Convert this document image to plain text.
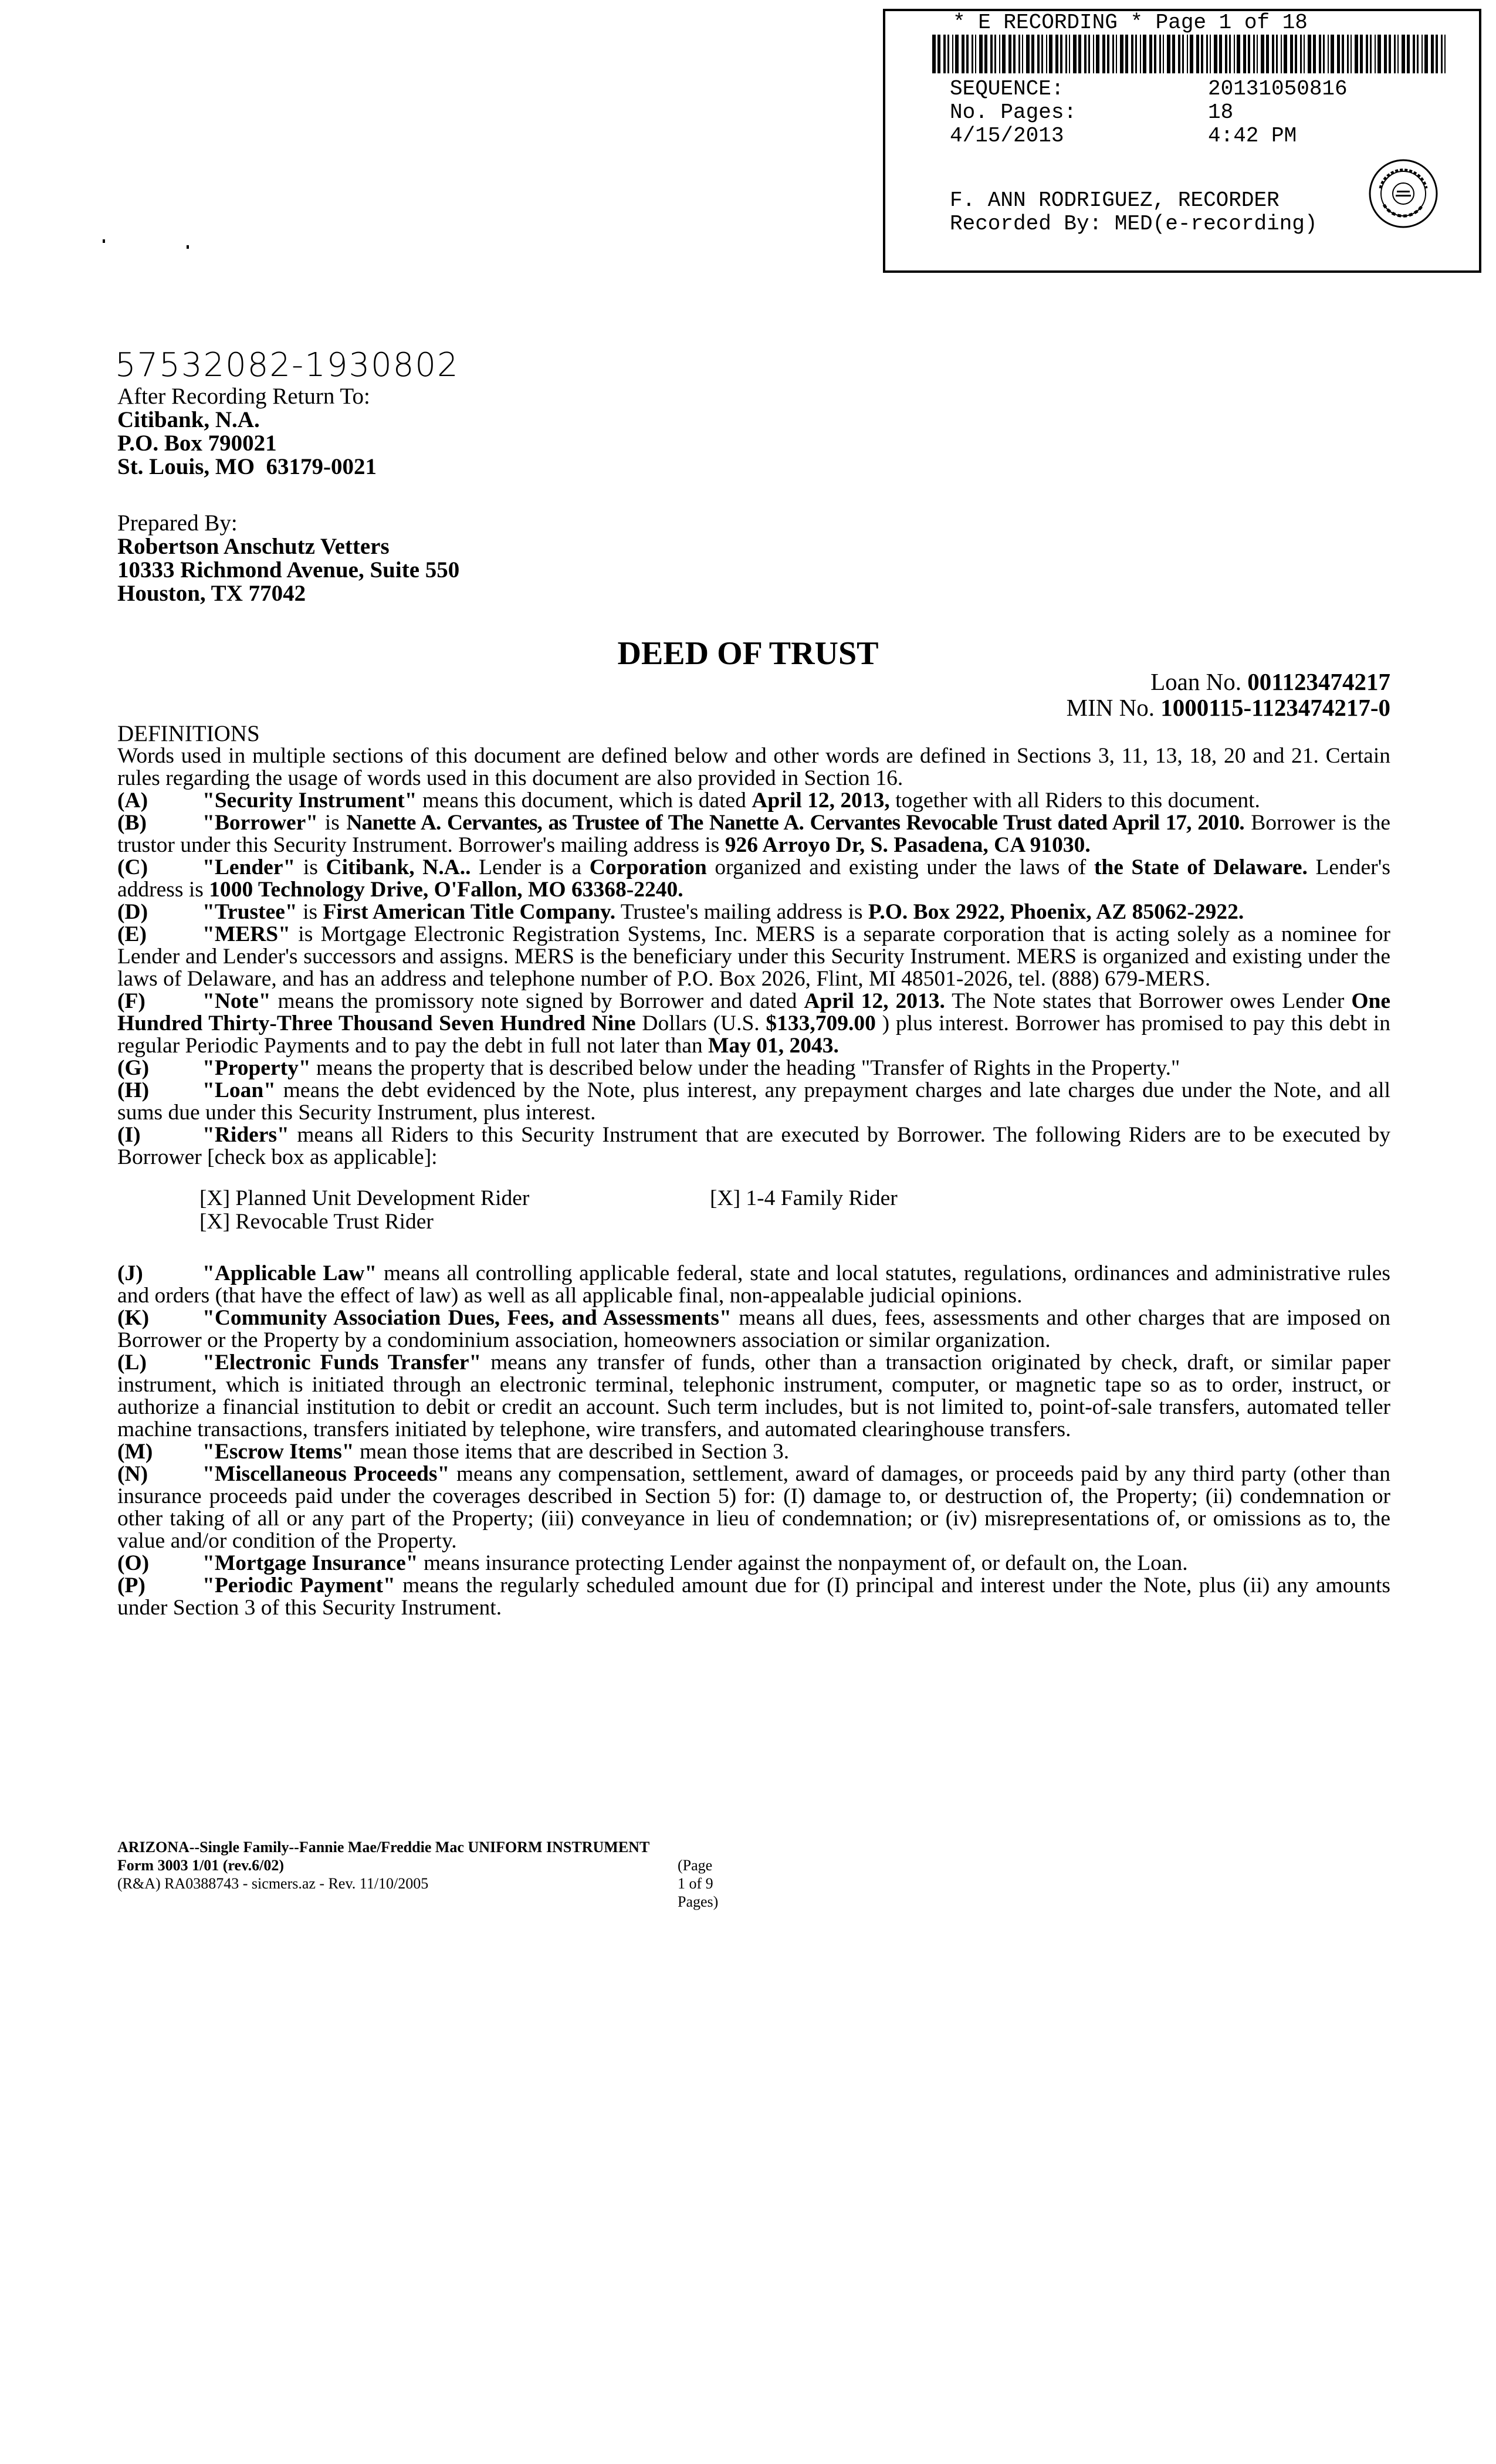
* E RECORDING * Page 1 of 18
SEQUENCE:	20131050816
No. Pages:	18
4/15/2013	4:42 PM
F. ANN RODRIGUEZ, RECORDER
Recorded By: MED(e-recording)
57532082-1930802
After Recording Return To:
Citibank, N.A.
P.O. Box 790021
St. Louis, MO  63179-0021
Prepared By:
Robertson Anschutz Vetters
10333 Richmond Avenue, Suite 550
Houston, TX 77042
DEED OF TRUST
Loan No. 001123474217
MIN No. 1000115-1123474217-0

DEFINITIONS

Words used in multiple sections of this document are defined below and other words are defined in Sections 3, 11, 13, 18, 20 and 21. Certain rules regarding the usage of words used in this document are also provided in Section 16.

(A) "Security Instrument" means this document, which is dated April 12, 2013, together with all Riders to this document.

(B)	"Borrower" is Nanette A. Cervantes, as Trustee of The Nanette A. Cervantes Revocable Trust dated April 17, 2010. Borrower is the trustor under this Security Instrument. Borrower's mailing address is 926 Arroyo Dr, S. Pasadena, CA 91030.

(C) "Lender" is Citibank, N.A.. Lender is a Corporation organized and existing under the laws of the State of Delaware. Lender's address is 1000 Technology Drive, O'Fallon, MO 63368-2240.

(D) "Trustee" is First American Title Company. Trustee's mailing address is P.O. Box 2922, Phoenix, AZ 85062-2922.

(E)	"MERS" is Mortgage Electronic Registration Systems, Inc. MERS is a separate corporation that is acting solely as a nominee for Lender and Lender's successors and assigns. MERS is the beneficiary under this Security Instrument. MERS is organized and existing under the laws of Delaware, and has an address and telephone number of P.O. Box 2026, Flint, MI 48501-2026, tel. (888) 679-MERS.

(F)	"Note" means the promissory note signed by Borrower and dated April 12, 2013. The Note states that Borrower owes Lender One Hundred Thirty-Three Thousand Seven Hundred Nine Dollars (U.S. $133,709.00 ) plus interest. Borrower has promised to pay this debt in regular Periodic Payments and to pay the debt in full not later than May 01, 2043.

(G) "Property" means the property that is described below under the heading "Transfer of Rights in the Property."

(H) "Loan" means the debt evidenced by the Note, plus interest, any prepayment charges and late charges due under the Note, and all sums due under this Security Instrument, plus interest.

(I)	"Riders" means all Riders to this Security Instrument that are executed by Borrower. The following Riders are to be executed by Borrower [check box as applicable]:

[X] Planned Unit Development Rider	[X] 1-4 Family Rider
[X] Revocable Trust Rider

(J)	"Applicable Law" means all controlling applicable federal, state and local statutes, regulations, ordinances and administrative rules and orders (that have the effect of law) as well as all applicable final, non-appealable judicial opinions.

(K) "Community Association Dues, Fees, and Assessments" means all dues, fees, assessments and other charges that are imposed on Borrower or the Property by a condominium association, homeowners association or similar organization.

(L)	"Electronic Funds Transfer" means any transfer of funds, other than a transaction originated by check, draft, or similar paper instrument, which is initiated through an electronic terminal, telephonic instrument, computer, or magnetic tape so as to order, instruct, or authorize a financial institution to debit or credit an account. Such term includes, but is not limited to, point-of-sale transfers, automated teller machine transactions, transfers initiated by telephone, wire transfers, and automated clearinghouse transfers.

(M) "Escrow Items" mean those items that are described in Section 3.

(N) "Miscellaneous Proceeds" means any compensation, settlement, award of damages, or proceeds paid by any third party (other than insurance proceeds paid under the coverages described in Section 5) for: (I) damage to, or destruction of, the Property; (ii) condemnation or other taking of all or any part of the Property; (iii) conveyance in lieu of condemnation; or (iv) misrepresentations of, or omissions as to, the value and/or condition of the Property.

(O) "Mortgage Insurance" means insurance protecting Lender against the nonpayment of, or default on, the Loan.

(P)	"Periodic Payment" means the regularly scheduled amount due for (I) principal and interest under the Note, plus (ii) any amounts under Section 3 of this Security Instrument.

ARIZONA--Single Family--Fannie Mae/Freddie Mac UNIFORM INSTRUMENT
Form 3003 1/01 (rev.6/02)	(Page 1 of 9 Pages)
(R&A) RA0388743 - sicmers.az - Rev. 11/10/2005
